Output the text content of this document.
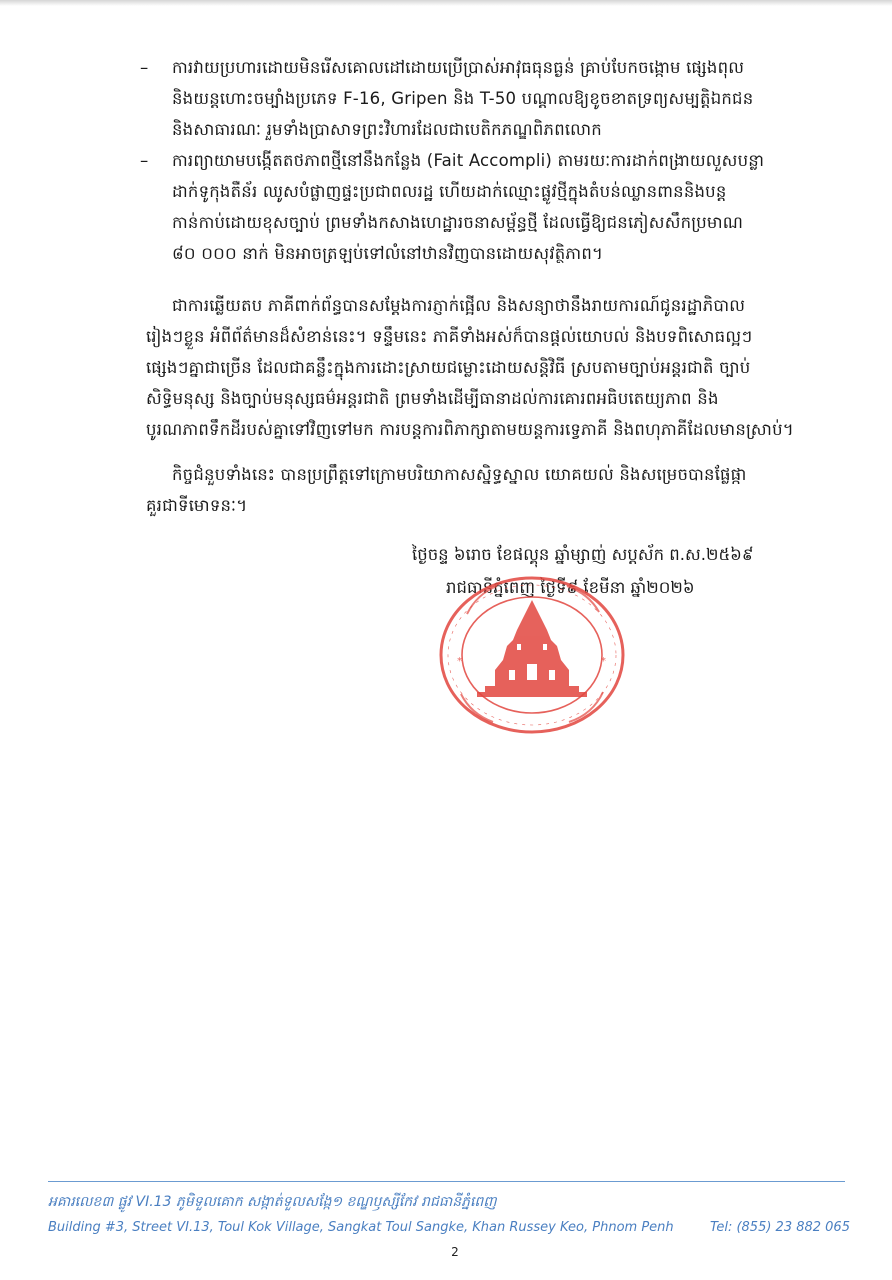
–	ការវាយប្រហារដោយមិនរើសគោលដៅដោយប្រើប្រាស់អាវុធធុនធ្ងន់ គ្រាប់បែកចង្កោម ផ្សេងពុល
និងយន្តហោះចម្បាំងប្រភេទ F-16, Gripen និង T-50 បណ្តាលឱ្យខូចខាតទ្រព្យសម្បត្តិឯកជន
និងសាធារណៈ រួមទាំងប្រាសាទព្រះវិហារដែលជាបេតិកភណ្ឌពិភពលោក
–	ការព្យាយាមបង្កើតតថភាពថ្មីនៅនឹងកន្លែង (Fait Accompli) តាមរយៈការដាក់ពង្រាយលួសបន្លា
ដាក់ទូកុងតឺន័រ ឈូសបំផ្លាញផ្ទះប្រជាពលរដ្ឋ ហើយដាក់ឈ្មោះផ្លូវថ្មីក្នុងតំបន់ឈ្លានពាននិងបន្ត
កាន់កាប់ដោយខុសច្បាប់ ព្រមទាំងកសាងហេដ្ឋារចនាសម្ព័ន្ធថ្មី ដែលធ្វើឱ្យជនភៀសសឹកប្រមាណ
៨០ ០០០ នាក់ មិនអាចត្រឡប់ទៅលំនៅឋានវិញបានដោយសុវត្ថិភាព។
ជាការឆ្លើយតប ភាគីពាក់ព័ន្ធបានសម្តែងការភ្ញាក់ផ្អើល និងសន្យាថានឹងរាយការណ៍ជូនរដ្ឋាភិបាល
រៀងៗខ្លួន អំពីព័ត៌មានដ៏សំខាន់នេះ។ ទន្ទឹមនេះ ភាគីទាំងអស់ក៏បានផ្តល់យោបល់ និងបទពិសោធល្អៗ
ផ្សេងៗគ្នាជាច្រើន ដែលជាគន្លឹះក្នុងការដោះស្រាយជម្លោះដោយសន្តិវិធី ស្របតាមច្បាប់អន្តរជាតិ ច្បាប់
សិទ្ធិមនុស្ស និងច្បាប់មនុស្សធម៌អន្តរជាតិ ព្រមទាំងដើម្បីធានាដល់ការគោរពអធិបតេយ្យភាព និង
បូរណភាពទឹកដីរបស់គ្នាទៅវិញទៅមក ការបន្តការពិភាក្សាតាមយន្តការទ្វេភាគី និងពហុភាគីដែលមានស្រាប់។
កិច្ចជំនួបទាំងនេះ បានប្រព្រឹត្តទៅក្រោមបរិយាកាសស្និទ្ធស្នាល យោគយល់ និងសម្រេចបានផ្លែផ្កា
គួរជាទីមោទនៈ។
ថ្ងៃចន្ទ ៦រោច ខែផល្គុន ឆ្នាំម្សាញ់ សប្តស័ក ព.ស.២៥៦៩
រាជធានីភ្នំពេញ ថ្ងៃទី៩ ខែមីនា ឆ្នាំ២០២៦
*	*
អគារលេខ៣ ផ្លូវ VI.13 ភូមិទួលគោក សង្កាត់ទួលសង្កែ១ ខណ្ឌឫស្សីកែវ រាជធានីភ្នំពេញ
Building #3, Street VI.13, Toul Kok Village, Sangkat Toul Sangke, Khan Russey Keo, Phnom Penh	Tel: (855) 23 882 065
2
